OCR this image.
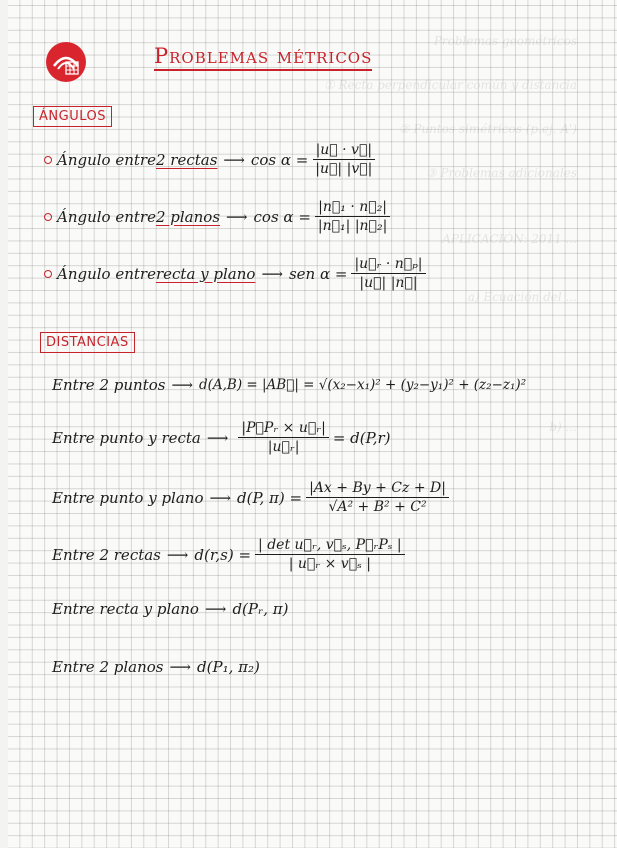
Problemas geométricos
① Recta perpendicular común y distancia
② Puntos simétricos (p.ej. A')
③ Problemas adicionales
APLICACIÓN: 2011 ...
a) Ecuación del ...
b) ...
Problemas métricos
ÁNGULOS
Ángulo entre 2 rectas ⟶ $\cos \alpha = \frac{|u⃗ \cdot v⃗|}{|u⃗| |v⃗|}$
Ángulo entre 2 planos ⟶ $\cos \alpha = \frac{\text{|n⃗₁ · n⃗₂|}}{\text{|n⃗₁| |n⃗₂|}}$
Ángulo entre recta y plano ⟶ sen $\alpha = \frac{\text{|u⃗ᵣ · n⃗ₚ|}}{|u⃗| |n⃗|}$
DISTANCIAS
Entre 2 puntos ⟶ d(A,B) = |AB⃗| = √(x₂−x₁)² + (y₂−y₁)² + (z₂−z₁)²
Entre punto y recta ⟶ $\frac{\text{|P⃗Pᵣ × u⃗ᵣ|}}{\text{|u⃗ᵣ|}} = d(P,r)$
Entre punto y plano ⟶ d(P, $\pi) = \frac{|Ax + By + Cz + D|}{\text{√A² + B² + C²}}$
Entre 2 rectas ⟶ $d(r,s) = \frac{\text{| det u⃗ᵣ, v⃗ₛ, P⃗ᵣPₛ |}}{\text{| u⃗ᵣ × v⃗ₛ |}}$
Entre recta y plano ⟶ d(Pᵣ, π)
Entre 2 planos ⟶ d(P₁, π₂)
